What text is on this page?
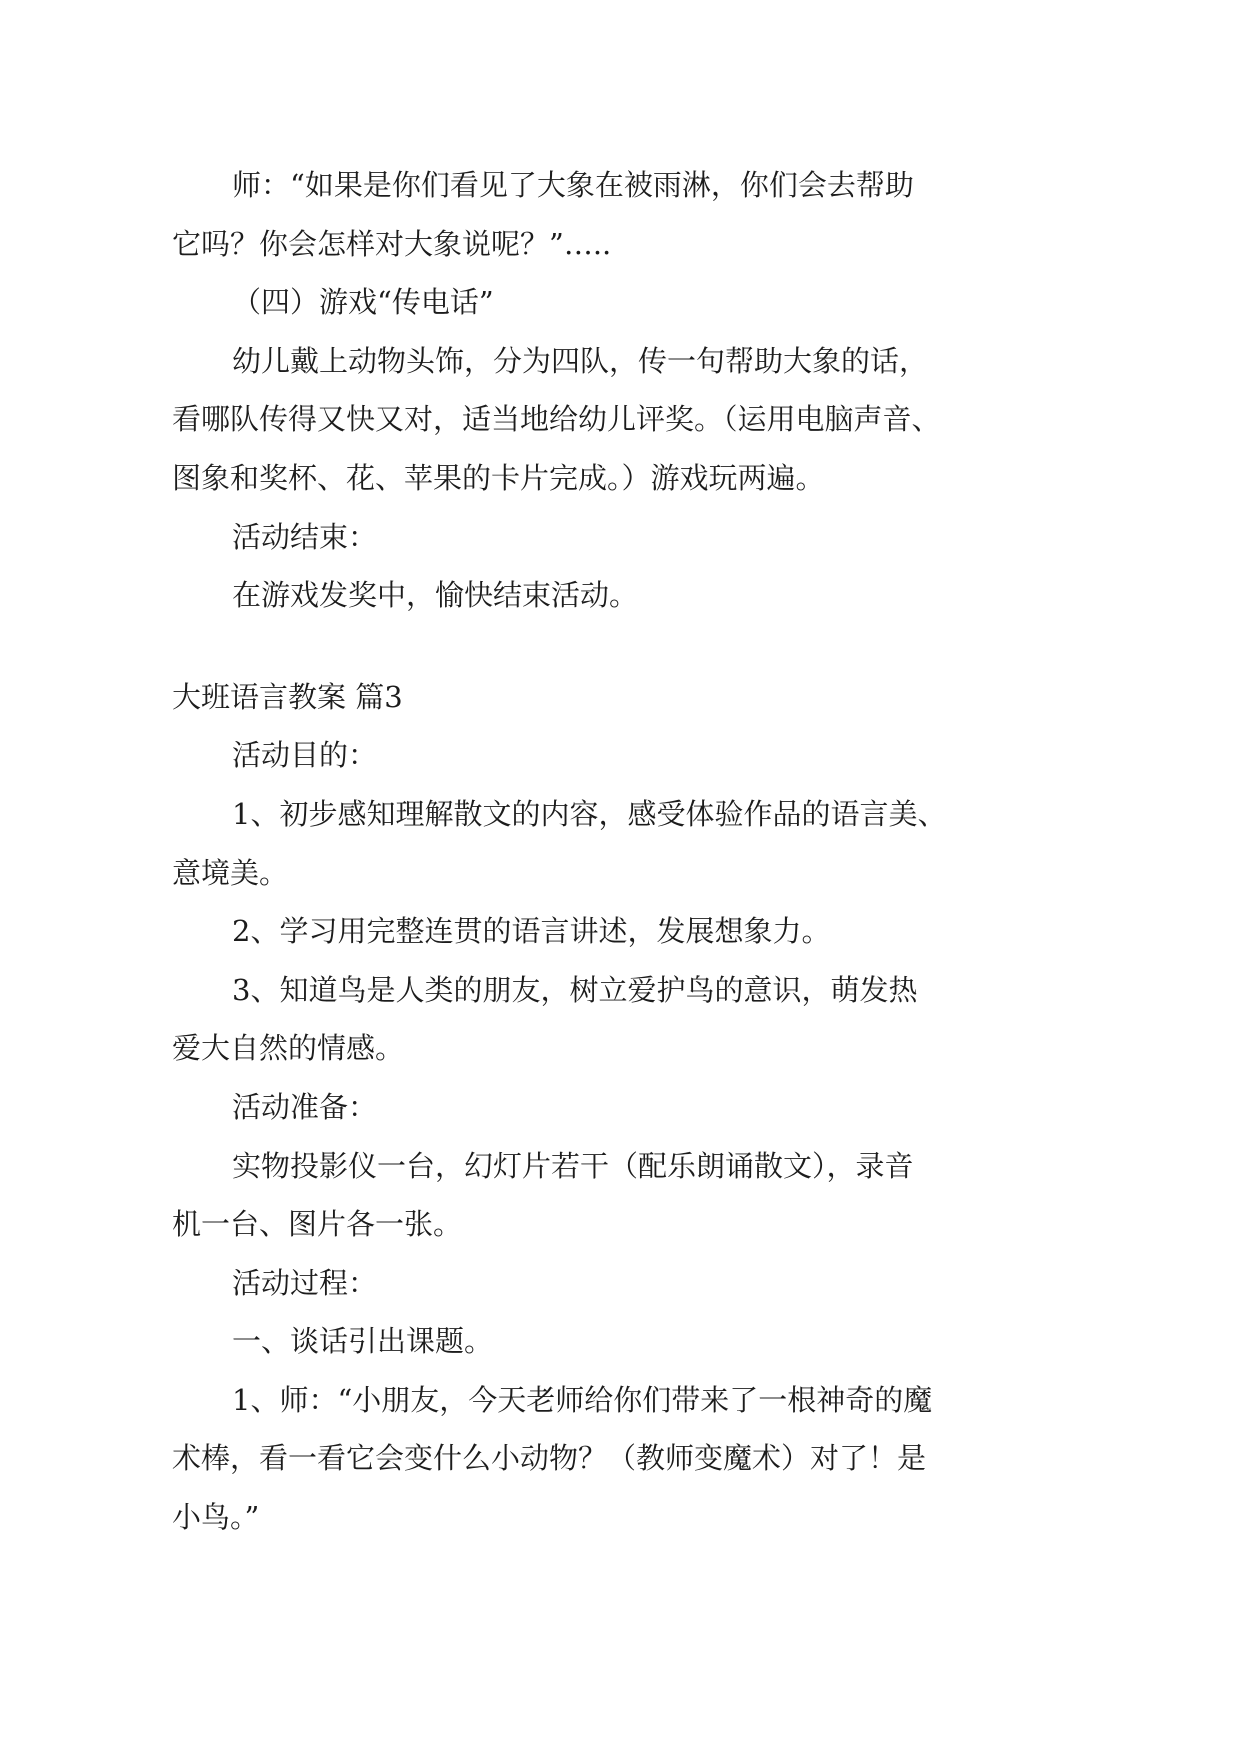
师：“如果是你们看见了大象在被雨淋，你们会去帮助
它吗？你会怎样对大象说呢？”…..
（四）游戏“传电话”
幼儿戴上动物头饰，分为四队，传一句帮助大象的话，
看哪队传得又快又对，适当地给幼儿评奖。（运用电脑声音、
图象和奖杯、花、苹果的卡片完成。）游戏玩两遍。
活动结束：
在游戏发奖中，愉快结束活动。
大班语言教案 篇3
活动目的：
1、初步感知理解散文的内容，感受体验作品的语言美、
意境美。
2、学习用完整连贯的语言讲述，发展想象力。
3、知道鸟是人类的朋友，树立爱护鸟的意识，萌发热
爱大自然的情感。
活动准备：
实物投影仪一台，幻灯片若干（配乐朗诵散文），录音
机一台、图片各一张。
活动过程：
一、谈话引出课题。
1、师：“小朋友，今天老师给你们带来了一根神奇的魔
术棒，看一看它会变什么小动物？（教师变魔术）对了！是
小鸟。”
